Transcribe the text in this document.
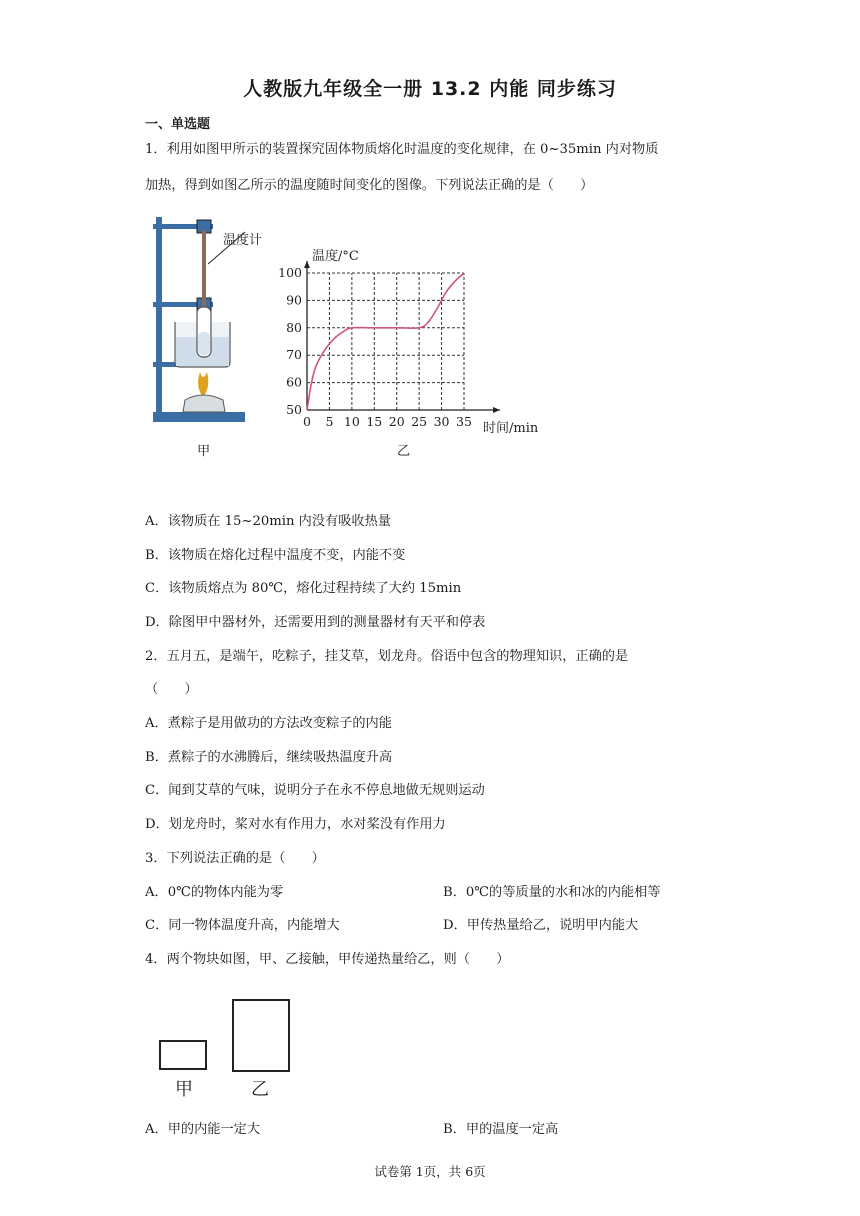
人教版九年级全一册 13.2 内能 同步练习
一、单选题
1．利用如图甲所示的装置探究固体物质熔化时温度的变化规律，在 0~35min 内对物质
加热，得到如图乙所示的温度随时间变化的图像。下列说法正确的是（　　）
温度计
甲
温度/°C
时间/min
0 5 10 15 20 25 30 35
50
60
70
80
90
100
乙
A．该物质在 15~20min 内没有吸收热量
B．该物质在熔化过程中温度不变，内能不变
C．该物质熔点为 80℃，熔化过程持续了大约 15min
D．除图甲中器材外，还需要用到的测量器材有天平和停表
2．五月五，是端午，吃粽子，挂艾草，划龙舟。俗语中包含的物理知识，正确的是
（　　）
A．煮粽子是用做功的方法改变粽子的内能
B．煮粽子的水沸腾后，继续吸热温度升高
C．闻到艾草的气味，说明分子在永不停息地做无规则运动
D．划龙舟时，桨对水有作用力，水对桨没有作用力
3．下列说法正确的是（　　）
A．0℃的物体内能为零	B．0℃的等质量的水和冰的内能相等
C．同一物体温度升高，内能增大	D．甲传热量给乙，说明甲内能大
4．两个物块如图，甲、乙接触，甲传递热量给乙，则（　　）
甲	乙
A．甲的内能一定大	B．甲的温度一定高
试卷第 1页，共 6页
